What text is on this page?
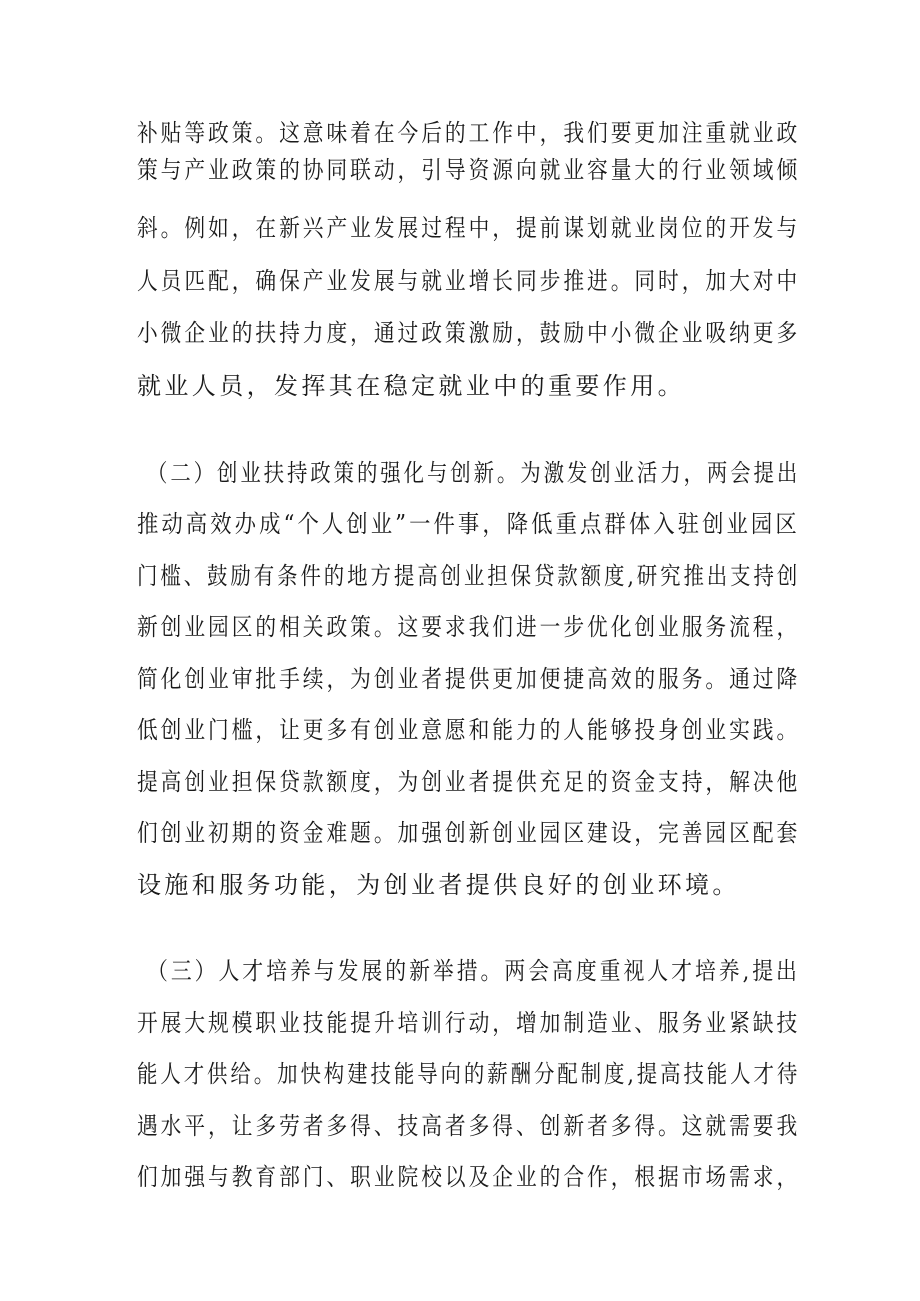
补贴等政策。这意味着在今后的工作中，我们要更加注重就业政
策与产业政策的协同联动，引导资源向就业容量大的行业领域倾
斜。例如，在新兴产业发展过程中，提前谋划就业岗位的开发与
人员匹配，确保产业发展与就业增长同步推进。同时，加大对中
小微企业的扶持力度，通过政策激励，鼓励中小微企业吸纳更多
就业人员，发挥其在稳定就业中的重要作用。
（二）创业扶持政策的强化与创新。为激发创业活力，两会提出
推动高效办成“个人创业”一件事，降低重点群体入驻创业园区
门槛、鼓励有条件的地方提高创业担保贷款额度,研究推出支持创
新创业园区的相关政策。这要求我们进一步优化创业服务流程，
简化创业审批手续，为创业者提供更加便捷高效的服务。通过降
低创业门槛，让更多有创业意愿和能力的人能够投身创业实践。
提高创业担保贷款额度，为创业者提供充足的资金支持，解决他
们创业初期的资金难题。加强创新创业园区建设，完善园区配套
设施和服务功能，为创业者提供良好的创业环境。
（三）人才培养与发展的新举措。两会高度重视人才培养,提出
开展大规模职业技能提升培训行动，增加制造业、服务业紧缺技
能人才供给。加快构建技能导向的薪酬分配制度,提高技能人才待
遇水平，让多劳者多得、技高者多得、创新者多得。这就需要我
们加强与教育部门、职业院校以及企业的合作，根据市场需求，
